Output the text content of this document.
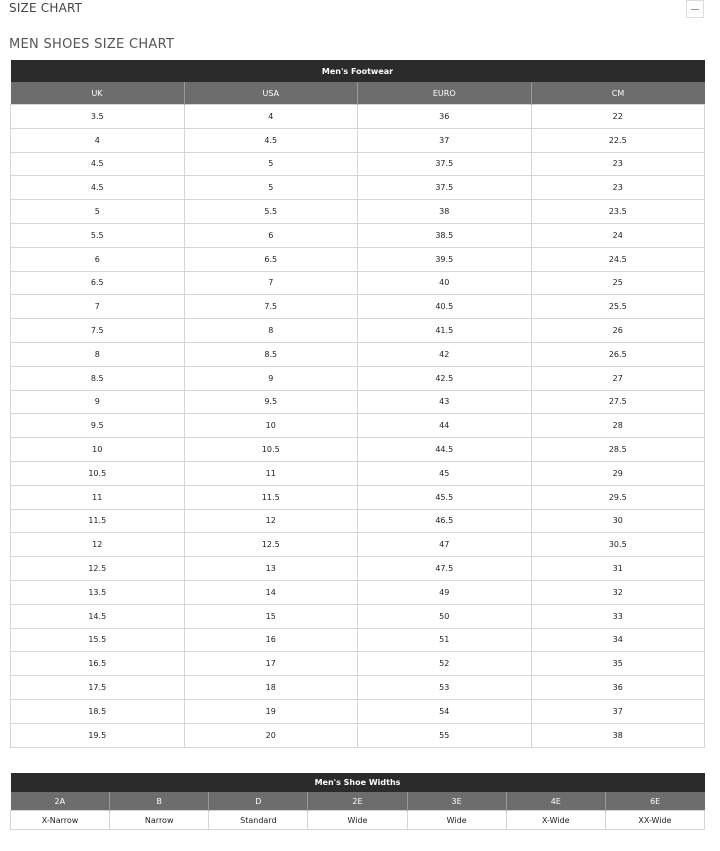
SIZE CHART
MEN SHOES SIZE CHART
Men's Footwear			
UK	USA	EURO	CM
3.5	4	36	22
4	4.5	37	22.5
4.5	5	37.5	23
4.5	5	37.5	23
5	5.5	38	23.5
5.5	6	38.5	24
6	6.5	39.5	24.5
6.5	7	40	25
7	7.5	40.5	25.5
7.5	8	41.5	26
8	8.5	42	26.5
8.5	9	42.5	27
9	9.5	43	27.5
9.5	10	44	28
10	10.5	44.5	28.5
10.5	11	45	29
11	11.5	45.5	29.5
11.5	12	46.5	30
12	12.5	47	30.5
12.5	13	47.5	31
13.5	14	49	32
14.5	15	50	33
15.5	16	51	34
16.5	17	52	35
17.5	18	53	36
18.5	19	54	37
19.5	20	55	38
Men's Shoe Widths						
2A	B	D	2E	3E	4E	6E
X-Narrow	Narrow	Standard	Wide	Wide	X-Wide	XX-Wide
